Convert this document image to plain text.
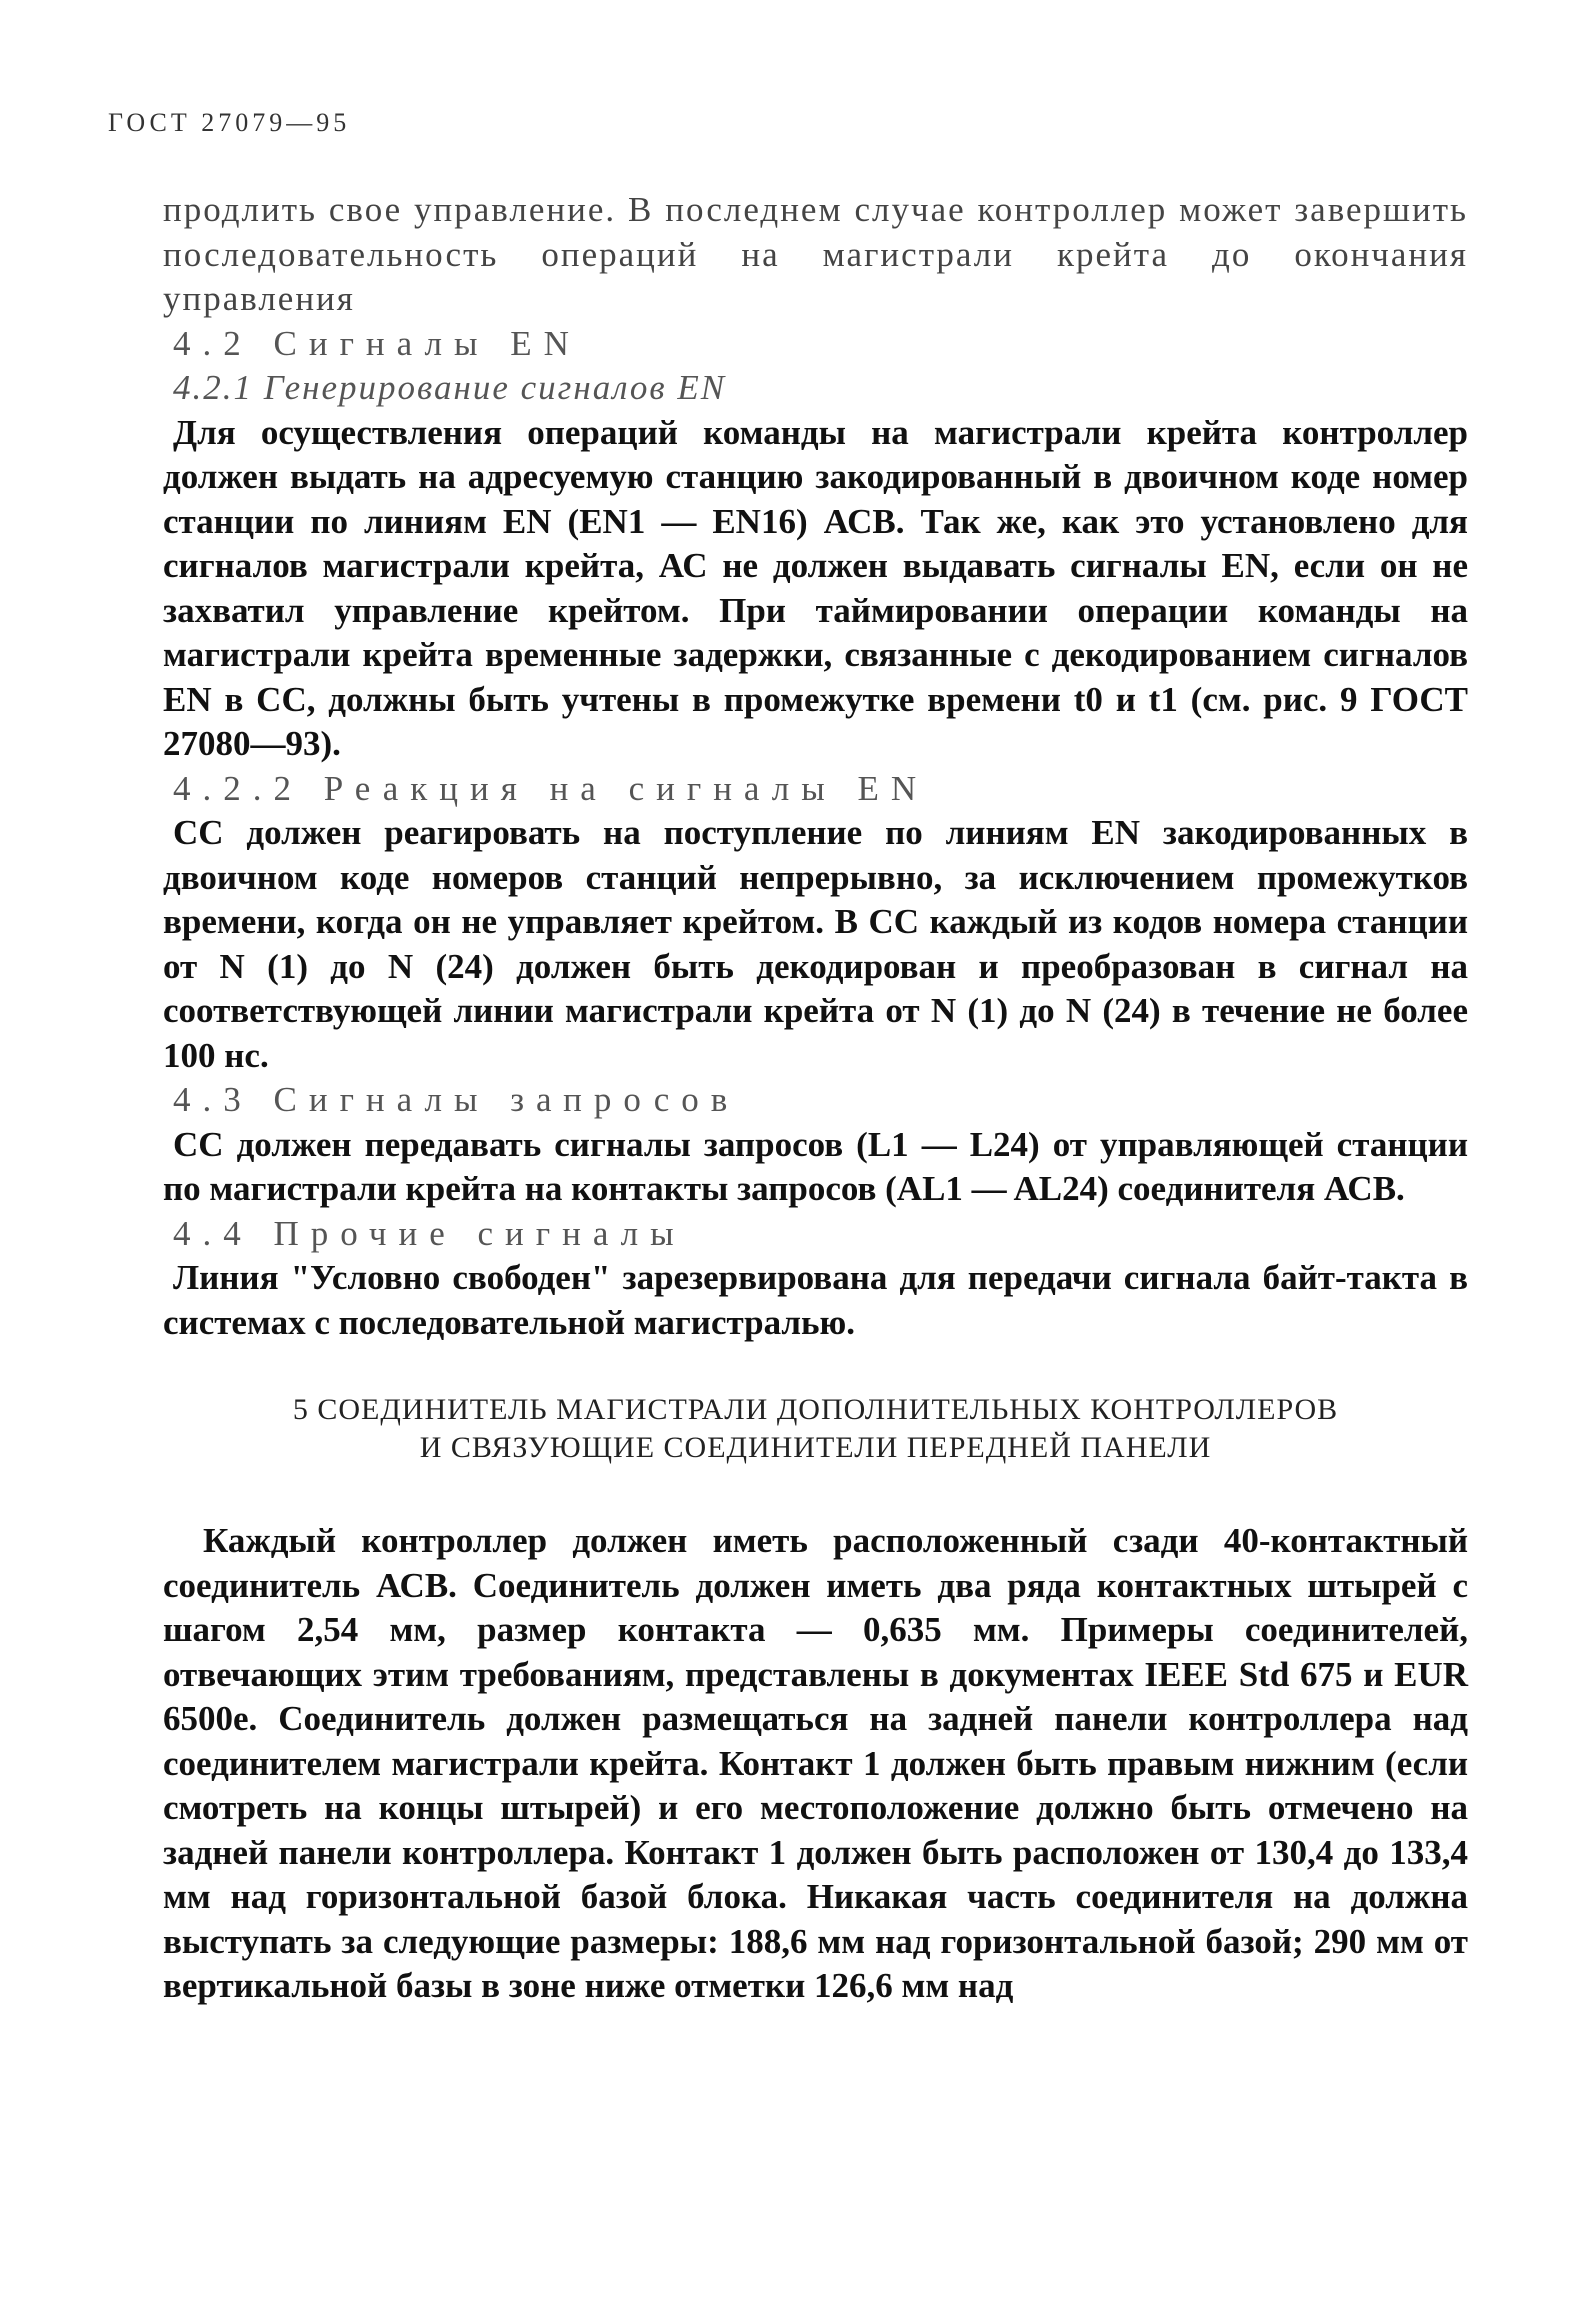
ГОСТ 27079—95

продлить свое управление. В последнем случае контроллер может завершить последовательность операций на магистрали крейта до окончания управления

4.2 Сигналы EN

4.2.1 Генерирование сигналов EN

Для осуществления операций команды на магистрали крейта контроллер должен выдать на адресуемую станцию закодированный в двоичном коде номер станции по линиям EN (EN1 — EN16) АСВ. Так же, как это установлено для сигналов магистрали крейта, АС не должен выдавать сигналы EN, если он не захватил управление крейтом. При таймировании операции команды на магистрали крейта временные задержки, связанные с декодированием сигналов EN в СС, должны быть учтены в промежутке времени t0 и t1 (см. рис. 9 ГОСТ 27080—93).

4.2.2 Реакция на сигналы EN

СС должен реагировать на поступление по линиям EN закодированных в двоичном коде номеров станций непрерывно, за исключением промежутков времени, когда он не управляет крейтом. В СС каждый из кодов номера станции от N (1) до N (24) должен быть декодирован и преобразован в сигнал на соответствующей линии магистрали крейта от N (1) до N (24) в течение не более 100 нс.

4.3 Сигналы запросов

СС должен передавать сигналы запросов (L1 — L24) от управляющей станции по магистрали крейта на контакты запросов (AL1 — AL24) соединителя АСВ.

4.4 Прочие сигналы

Линия "Условно свободен" зарезервирована для передачи сигнала байт-такта в системах с последовательной магистралью.

5 СОЕДИНИТЕЛЬ МАГИСТРАЛИ ДОПОЛНИТЕЛЬНЫХ КОНТРОЛЛЕРОВ
И СВЯЗУЮЩИЕ СОЕДИНИТЕЛИ ПЕРЕДНЕЙ ПАНЕЛИ

Каждый контроллер должен иметь расположенный сзади 40-контактный соединитель АСВ. Соединитель должен иметь два ряда контактных штырей с шагом 2,54 мм, размер контакта — 0,635 мм. Примеры соединителей, отвечающих этим требованиям, представлены в документах IEEE Std 675 и EUR 6500е. Соединитель должен размещаться на задней панели контроллера над соединителем магистрали крейта. Контакт 1 должен быть правым нижним (если смотреть на концы штырей) и его местоположение должно быть отмечено на задней панели контроллера. Контакт 1 должен быть расположен от 130,4 до 133,4 мм над горизонтальной базой блока. Никакая часть соединителя на должна выступать за следующие размеры: 188,6 мм над горизонтальной базой; 290 мм от вертикальной базы в зоне ниже отметки 126,6 мм над
